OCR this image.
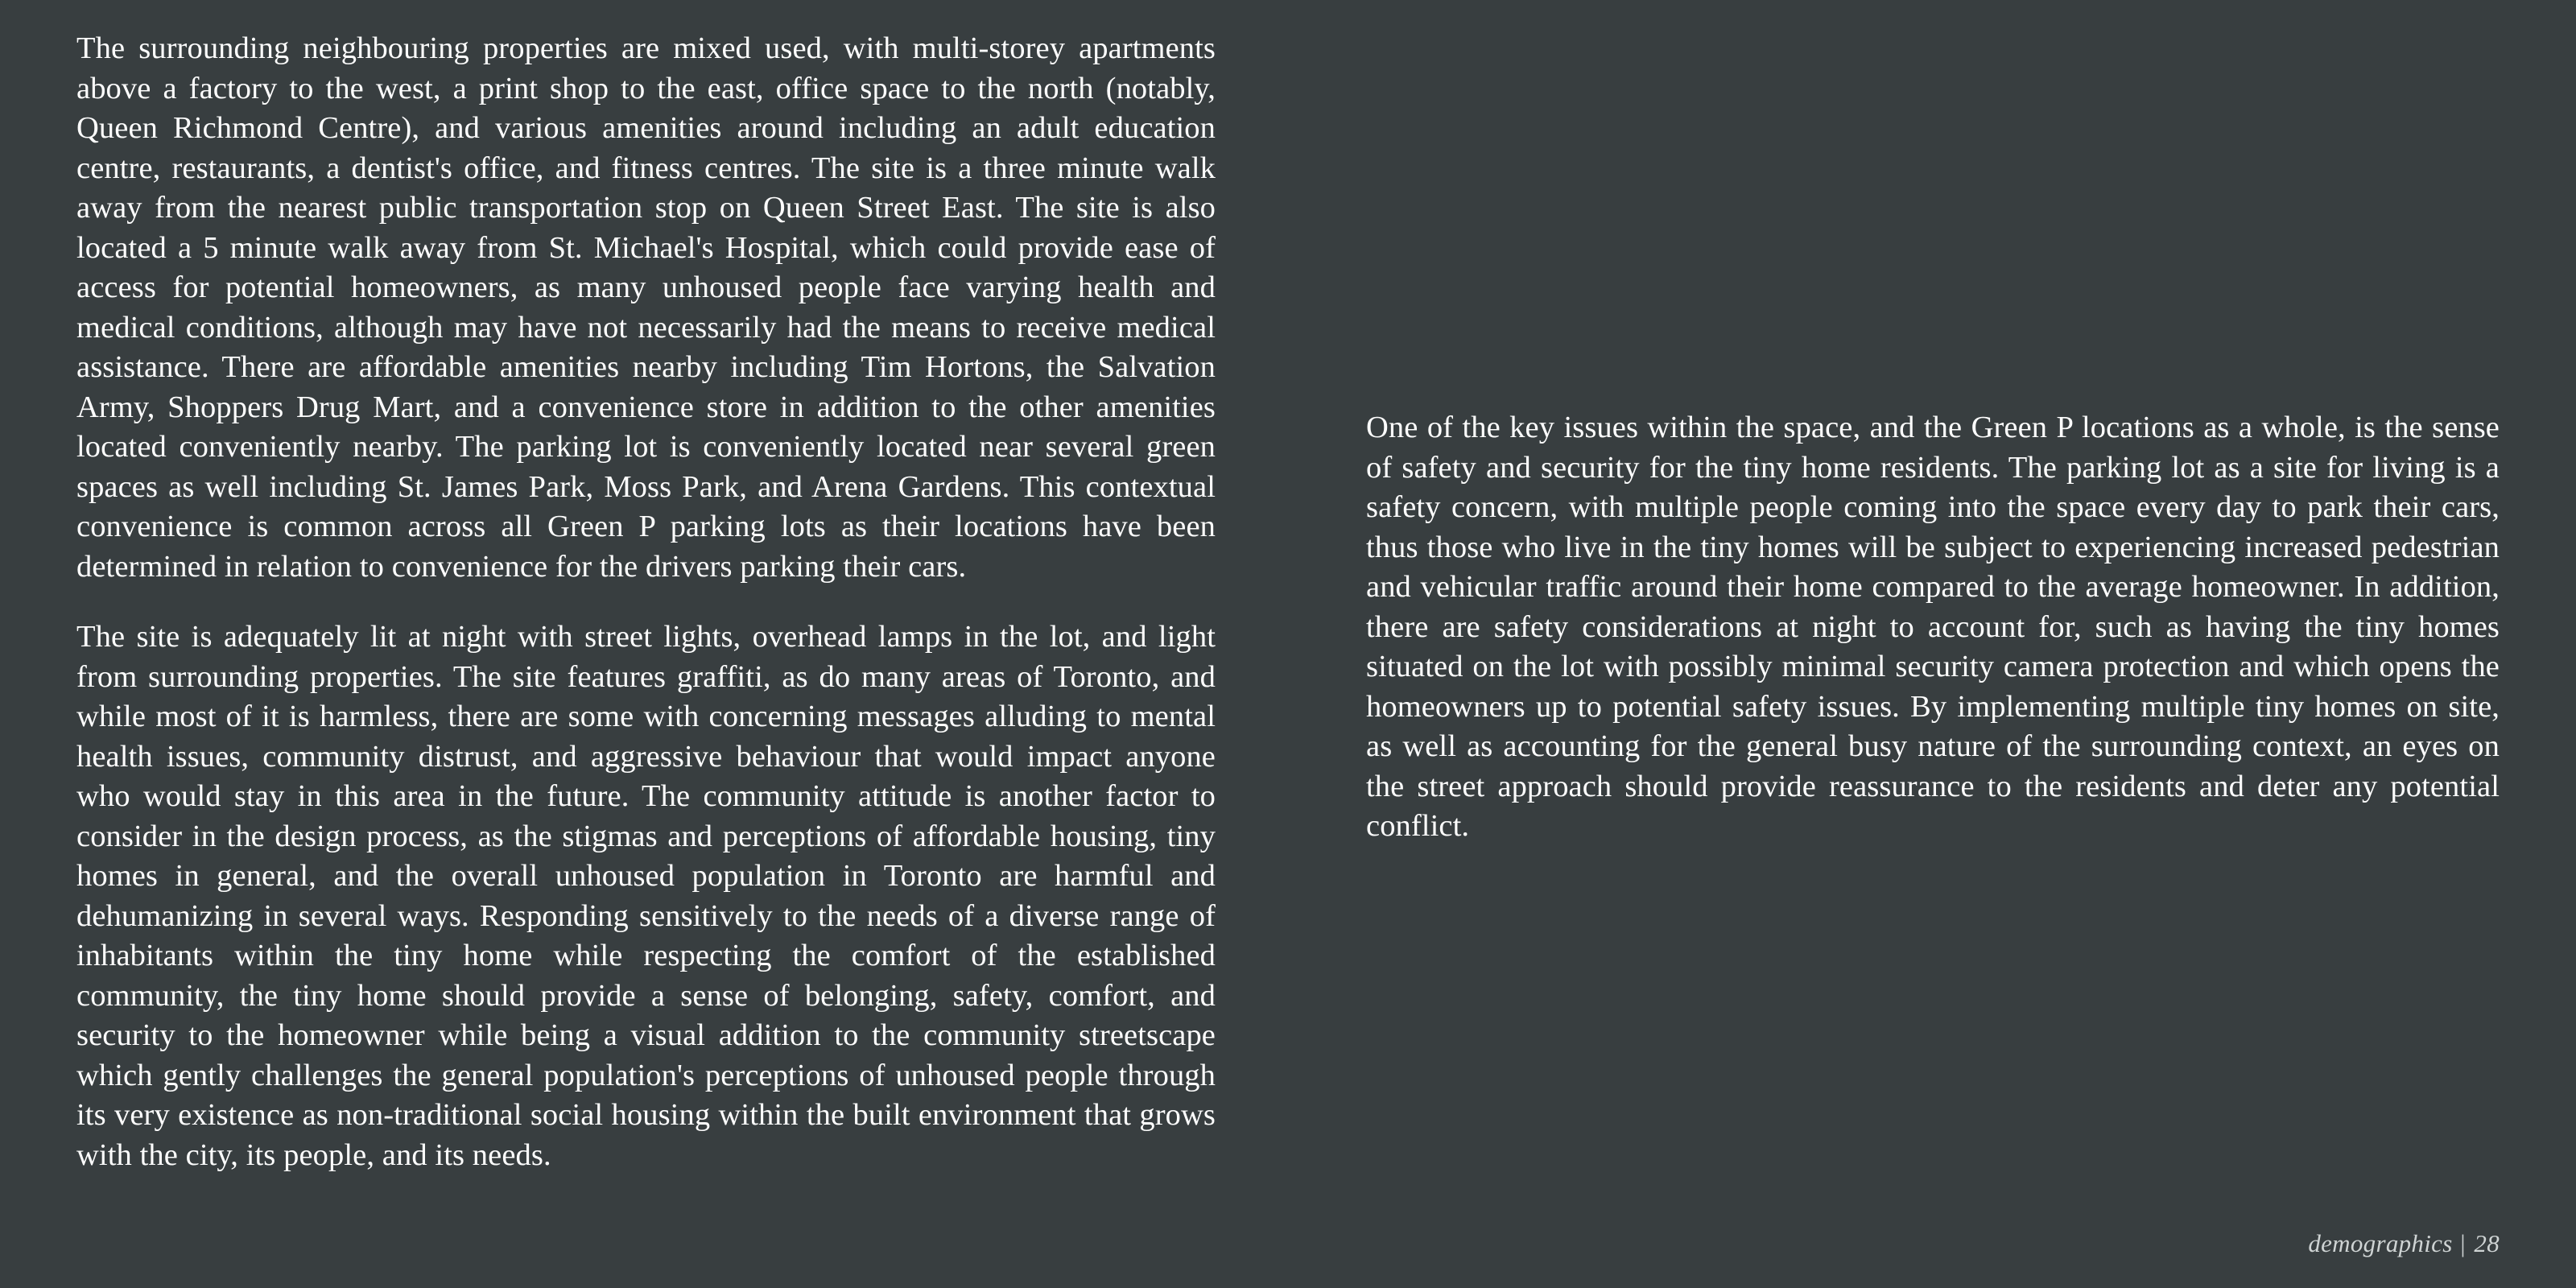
The surrounding neighbouring properties are mixed used, with multi-storey apartments above a factory to the west, a print shop to the east, office space to the north (notably, Queen Richmond Centre), and various amenities around including an adult education centre, restaurants, a dentist's office, and fitness centres. The site is a three minute walk away from the nearest public transportation stop on Queen Street East. The site is also located a 5 minute walk away from St. Michael's Hospital, which could provide ease of access for potential homeowners, as many unhoused people face varying health and medical conditions, although may have not necessarily had the means to receive medical assistance. There are affordable amenities nearby including Tim Hortons, the Salvation Army, Shoppers Drug Mart, and a convenience store in addition to the other amenities located conveniently nearby. The parking lot is conveniently located near several green spaces as well including St. James Park, Moss Park, and Arena Gardens. This contextual convenience is common across all Green P parking lots as their locations have been determined in relation to convenience for the drivers parking their cars.

The site is adequately lit at night with street lights, overhead lamps in the lot, and light from surrounding properties. The site features graffiti, as do many areas of Toronto, and while most of it is harmless, there are some with concerning messages alluding to mental health issues, community distrust, and aggressive behaviour that would impact anyone who would stay in this area in the future. The community attitude is another factor to consider in the design process, as the stigmas and perceptions of affordable housing, tiny homes in general, and the overall unhoused population in Toronto are harmful and dehumanizing in several ways. Responding sensitively to the needs of a diverse range of inhabitants within the tiny home while respecting the comfort of the established community, the tiny home should provide a sense of belonging, safety, comfort, and security to the homeowner while being a visual addition to the community streetscape which gently challenges the general population's perceptions of unhoused people through its very existence as non-traditional social housing within the built environment that grows with the city, its people, and its needs.

One of the key issues within the space, and the Green P locations as a whole, is the sense of safety and security for the tiny home residents. The parking lot as a site for living is a safety concern, with multiple people coming into the space every day to park their cars, thus those who live in the tiny homes will be subject to experiencing increased pedestrian and vehicular traffic around their home compared to the average homeowner. In addition, there are safety considerations at night to account for, such as having the tiny homes situated on the lot with possibly minimal security camera protection and which opens the homeowners up to potential safety issues. By implementing multiple tiny homes on site, as well as accounting for the general busy nature of the surrounding context, an eyes on the street approach should provide reassurance to the residents and deter any potential conflict.

demographics | 28
